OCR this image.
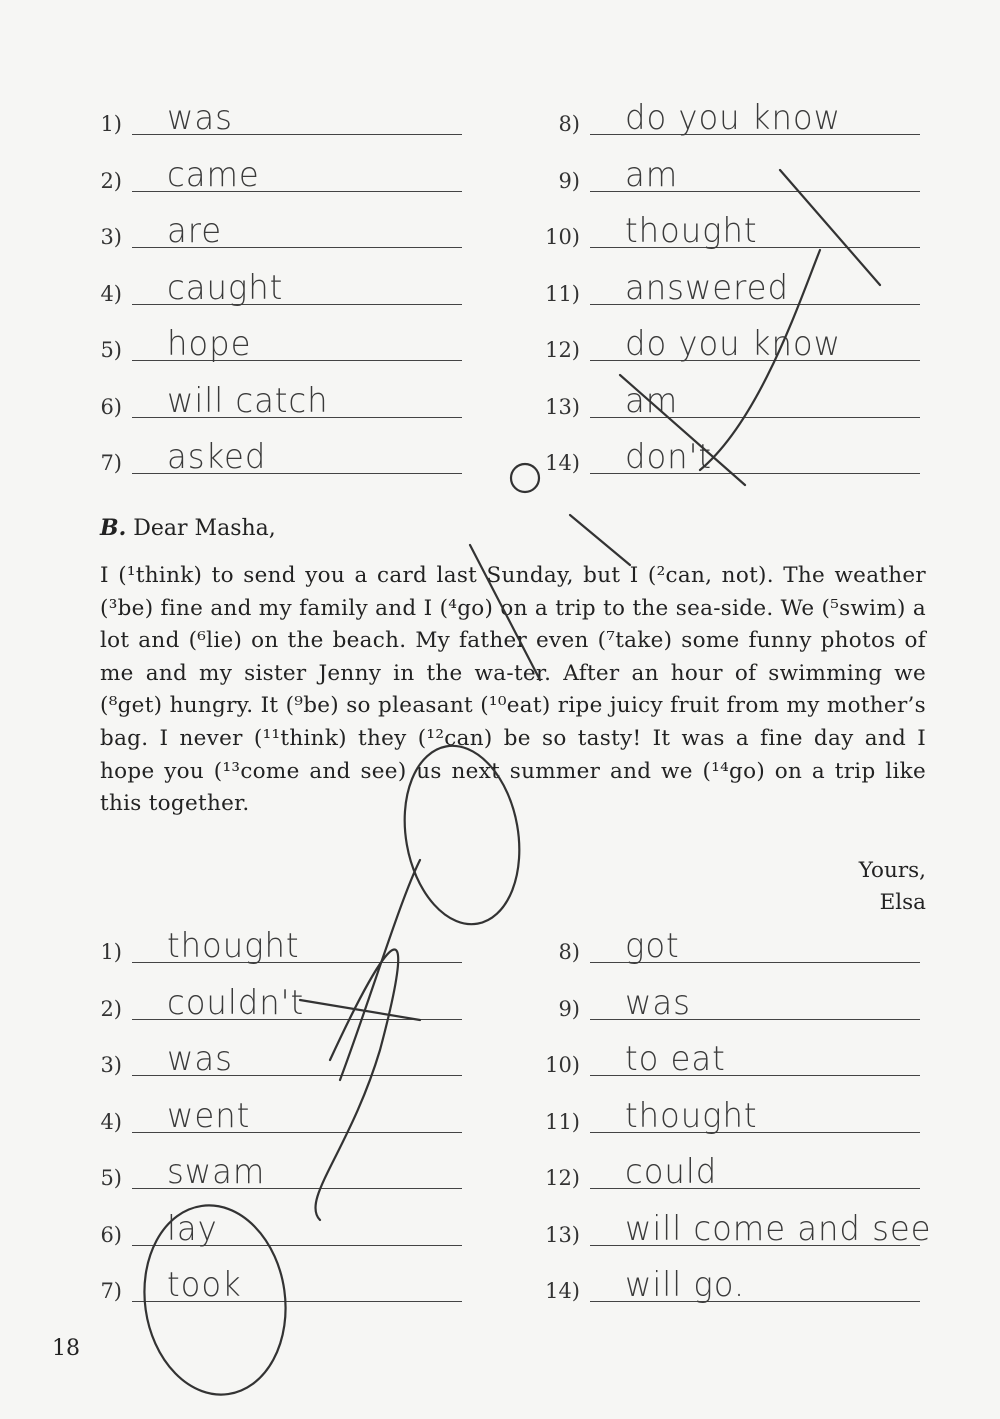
1) was
2) came
3) are
4) caught
5) hope
6) will catch
7) asked
8) do you know
9) am
10) thought
11) answered
12) do you know
13) am
14) don't
B. Dear Masha,

I (¹think) to send you a card last Sunday, but I (²can, not). The weather (³be) fine and my family and I (⁴go) on a trip to the sea-side. We (⁵swim) a lot and (⁶lie) on the beach. My father even (⁷take) some funny photos of me and my sister Jenny in the wa-ter. After an hour of swimming we (⁸get) hungry. It (⁹be) so pleasant (¹⁰eat) ripe juicy fruit from my mother’s bag. I never (¹¹think) they (¹²can) be so tasty! It was a fine day and I hope you (¹³come and see) us next summer and we (¹⁴go) on a trip like this together.

Yours,
Elsa
1) thought
2) couldn't
3) was
4) went
5) swam
6) lay
7) took
8) got
9) was
10) to eat
11) thought
12) could
13) will come and see
14) will go.
18
